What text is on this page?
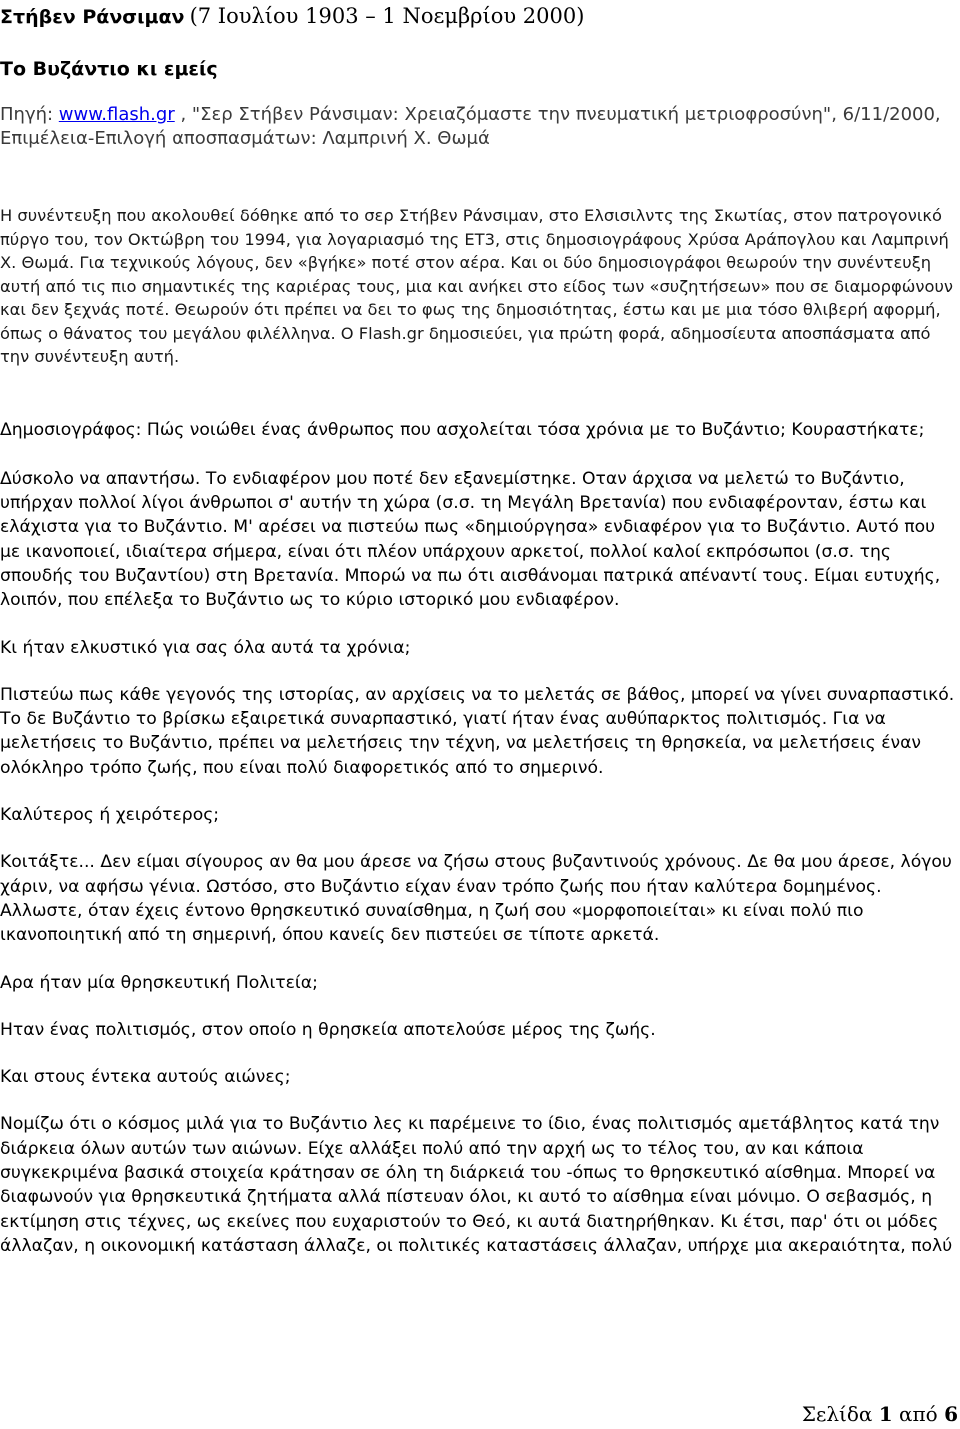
Στήβεν Ράνσιμαν (7 Ιουλίου 1903 – 1 Νοεμβρίου 2000)
Το Βυζάντιο κι εμείς
Πηγή: www.flash.gr , "Σερ Στήβεν Ράνσιμαν: Χρειαζόμαστε την πνευματική μετριοφροσύνη", 6/11/2000, Επιμέλεια-Επιλογή αποσπασμάτων: Λαμπρινή Χ. Θωμά
Η συνέντευξη που ακολουθεί δόθηκε από το σερ Στήβεν Ράνσιμαν, στο Ελσισιλντς της Σκωτίας, στον πατρογονικό πύργο του, τον Οκτώβρη του 1994, για λογαριασμό της ΕΤ3, στις δημοσιογράφους Χρύσα Αράπογλου και Λαμπρινή Χ. Θωμά. Για τεχνικούς λόγους, δεν «βγήκε» ποτέ στον αέρα. Και οι δύο δημοσιογράφοι θεωρούν την συνέντευξη αυτή από τις πιο σημαντικές της καριέρας τους, μια και ανήκει στο είδος των «συζητήσεων» που σε διαμορφώνουν και δεν ξεχνάς ποτέ. Θεωρούν ότι πρέπει να δει το φως της δημοσιότητας, έστω και με μια τόσο θλιβερή αφορμή, όπως ο θάνατος του μεγάλου φιλέλληνα. Ο Flash.gr δημοσιεύει, για πρώτη φορά, αδημοσίευτα αποσπάσματα από την συνέντευξη αυτή.

Δημοσιογράφος: Πώς νοιώθει ένας άνθρωπος που ασχολείται τόσα χρόνια με το Βυζάντιο; Κουραστήκατε;

Δύσκολο να απαντήσω. Το ενδιαφέρον μου ποτέ δεν εξανεμίστηκε. Οταν άρχισα να μελετώ το Βυζάντιο, υπήρχαν πολλοί λίγοι άνθρωποι σ' αυτήν τη χώρα (σ.σ. τη Μεγάλη Βρετανία) που ενδιαφέρονταν, έστω και ελάχιστα για το Βυζάντιο. Μ' αρέσει να πιστεύω πως «δημιούργησα» ενδιαφέρον για το Βυζάντιο. Αυτό που με ικανοποιεί, ιδιαίτερα σήμερα, είναι ότι πλέον υπάρχουν αρκετοί, πολλοί καλοί εκπρόσωποι (σ.σ. της σπουδής του Βυζαντίου) στη Βρετανία. Μπορώ να πω ότι αισθάνομαι πατρικά απέναντί τους. Είμαι ευτυχής, λοιπόν, που επέλεξα το Βυζάντιο ως το κύριο ιστορικό μου ενδιαφέρον.

Κι ήταν ελκυστικό για σας όλα αυτά τα χρόνια;

Πιστεύω πως κάθε γεγονός της ιστορίας, αν αρχίσεις να το μελετάς σε βάθος, μπορεί να γίνει συναρπαστικό. Το δε Βυζάντιο το βρίσκω εξαιρετικά συναρπαστικό, γιατί ήταν ένας αυθύπαρκτος πολιτισμός. Για να μελετήσεις το Βυζάντιο, πρέπει να μελετήσεις την τέχνη, να μελετήσεις τη θρησκεία, να μελετήσεις έναν ολόκληρο τρόπο ζωής, που είναι πολύ διαφορετικός από το σημερινό.

Καλύτερος ή χειρότερος;

Κοιτάξτε... Δεν είμαι σίγουρος αν θα μου άρεσε να ζήσω στους βυζαντινούς χρόνους. Δε θα μου άρεσε, λόγου χάριν, να αφήσω γένια. Ωστόσο, στο Βυζάντιο είχαν έναν τρόπο ζωής που ήταν καλύτερα δομημένος. Αλλωστε, όταν έχεις έντονο θρησκευτικό συναίσθημα, η ζωή σου «μορφοποιείται» κι είναι πολύ πιο ικανοποιητική από τη σημερινή, όπου κανείς δεν πιστεύει σε τίποτε αρκετά.

Αρα ήταν μία θρησκευτική Πολιτεία;

Ηταν ένας πολιτισμός, στον οποίο η θρησκεία αποτελούσε μέρος της ζωής.

Και στους έντεκα αυτούς αιώνες;

Νομίζω ότι ο κόσμος μιλά για το Βυζάντιο λες κι παρέμεινε το ίδιο, ένας πολιτισμός αμετάβλητος κατά την διάρκεια όλων αυτών των αιώνων. Είχε αλλάξει πολύ από την αρχή ως το τέλος του, αν και κάποια συγκεκριμένα βασικά στοιχεία κράτησαν σε όλη τη διάρκειά του -όπως το θρησκευτικό αίσθημα. Μπορεί να διαφωνούν για θρησκευτικά ζητήματα αλλά πίστευαν όλοι, κι αυτό το αίσθημα είναι μόνιμο. Ο σεβασμός, η εκτίμηση στις τέχνες, ως εκείνες που ευχαριστούν το Θεό, κι αυτά διατηρήθηκαν. Κι έτσι, παρ' ότι οι μόδες άλλαζαν, η οικονομική κατάσταση άλλαζε, οι πολιτικές καταστάσεις άλλαζαν, υπήρχε μια ακεραιότητα, πολύ

Σελίδα 1 από 6
